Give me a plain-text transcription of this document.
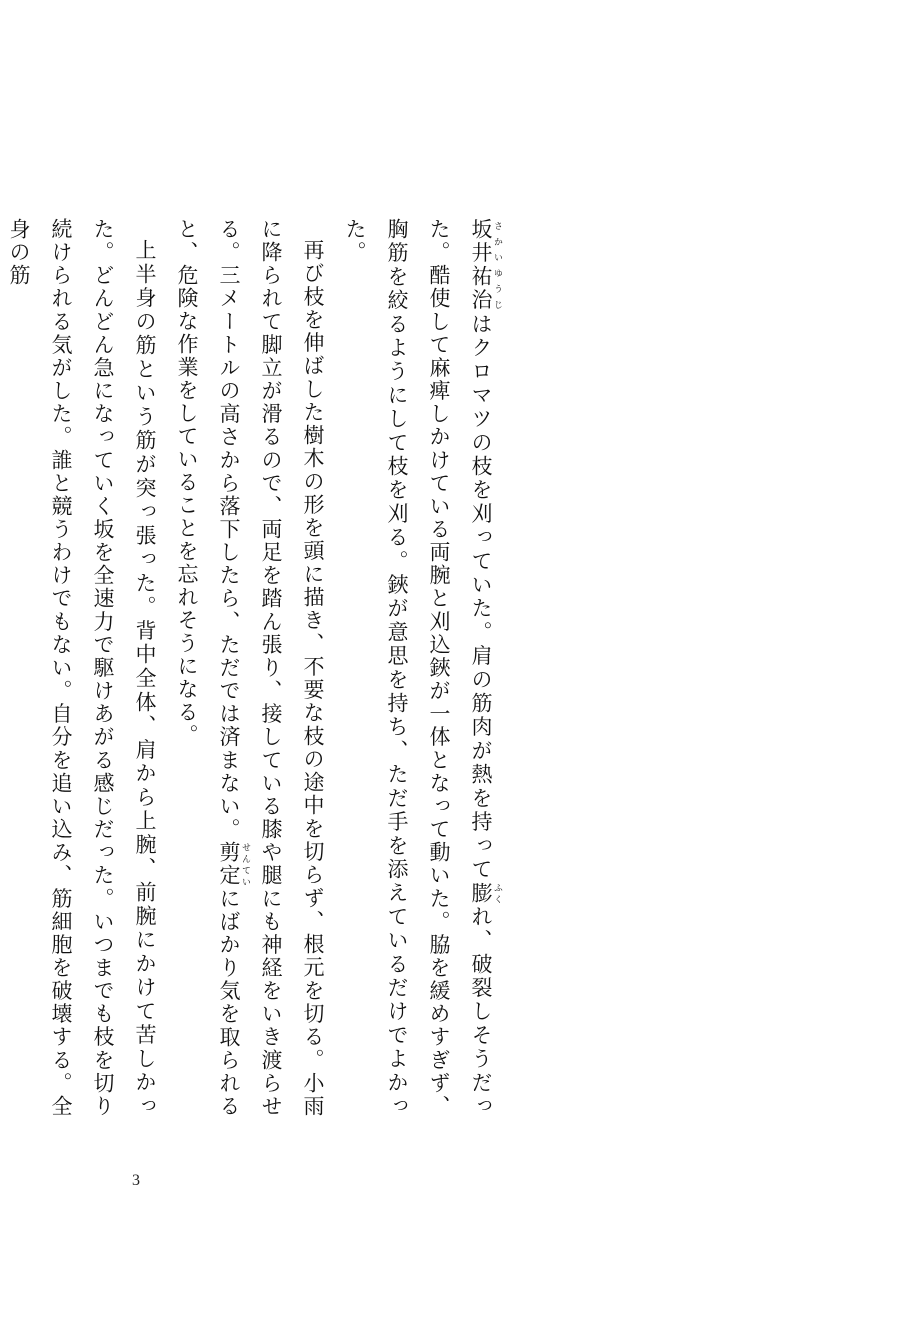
坂井 さかい祐治 ゆうじはクロマツの枝を刈っていた。肩の筋肉が熱を持って膨 ふくれ、破裂しそうだった。酷使して麻痺しかけている両腕と刈込鋏が一体となって動いた。脇を緩めすぎず、胸筋を絞るようにして枝を刈る。鋏が意思を持ち、ただ手を添えているだけでよかった。

再び枝を伸ばした樹木の形を頭に描き、不要な枝の途中を切らず、根元を切る。小雨に降られて脚立が滑るので、両足を踏ん張り、接している膝や腿にも神経をいき渡らせる。三メートルの高さから落下したら、ただでは済まない。剪定 せんていにばかり気を取られると、危険な作業をしていることを忘れそうになる。

上半身の筋という筋が突っ張った。背中全体、肩から上腕、前腕にかけて苦しかった。どんどん急になっていく坂を全速力で駆けあがる感じだった。いつまでも枝を切り続けられる気がした。誰と競うわけでもない。自分を追い込み、筋細胞を破壊する。全身の筋

3
